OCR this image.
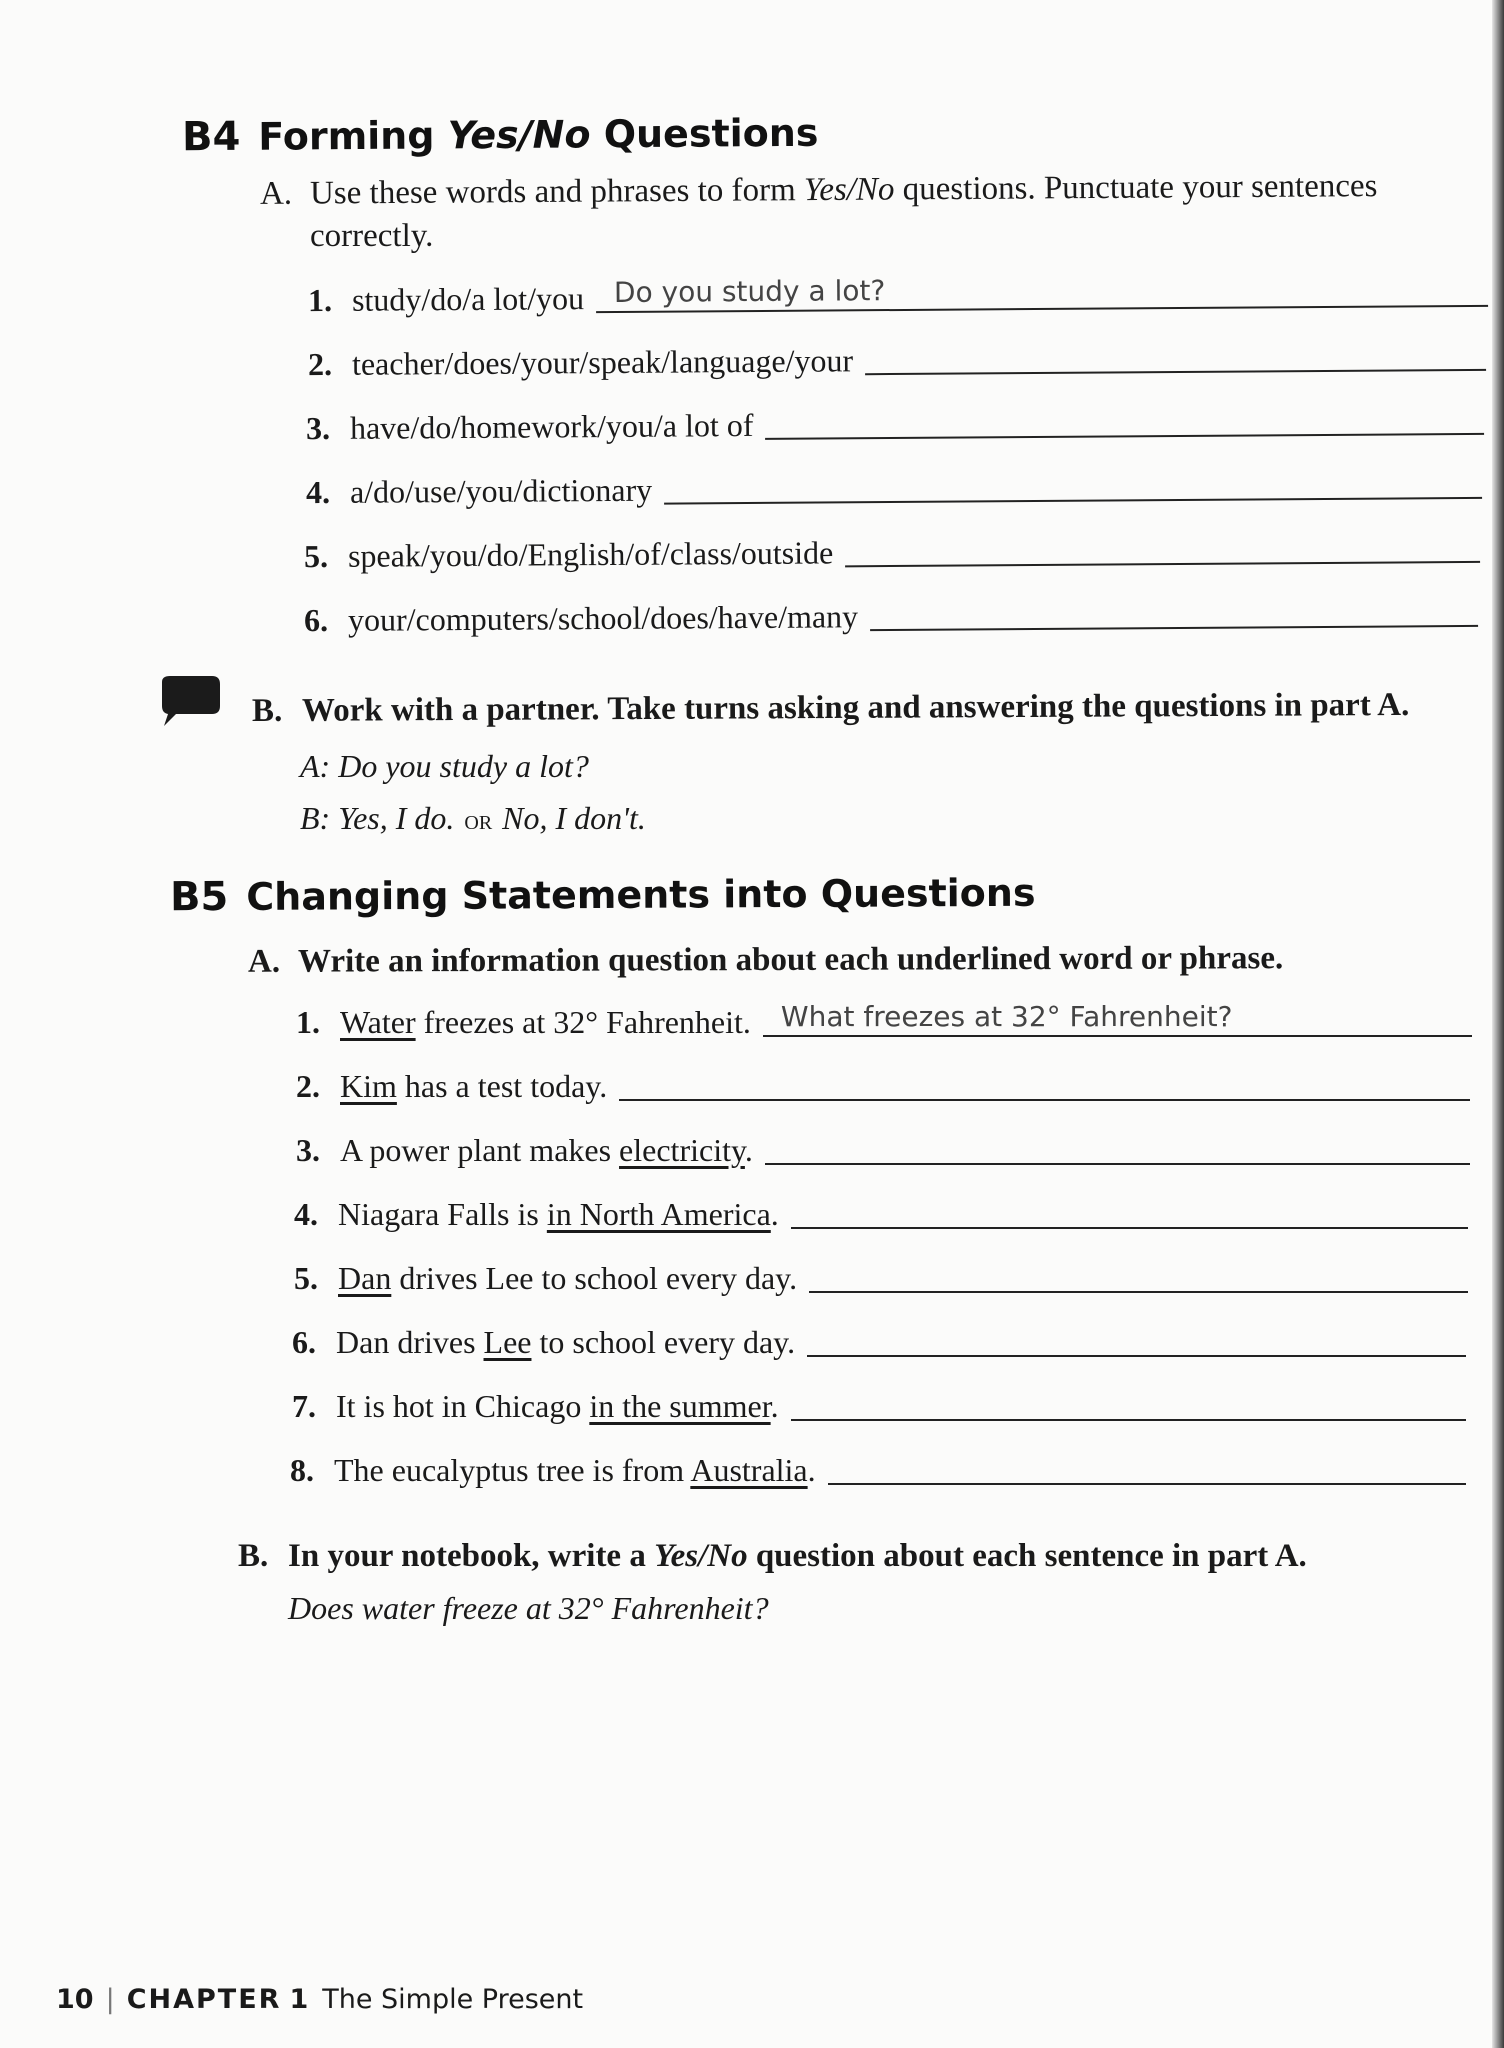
B4 Forming Yes/No Questions
A. Use these words and phrases to form Yes/No questions. Punctuate your sentences
correctly.
1. study/do/a lot/you Do you study a lot?
2. teacher/does/your/speak/language/your
3. have/do/homework/you/a lot of
4. a/do/use/you/dictionary
5. speak/you/do/English/of/class/outside
6. your/computers/school/does/have/many
B. Work with a partner. Take turns asking and answering the questions in part A.
A: Do you study a lot?
B: Yes, I do. or No, I don't.
B5 Changing Statements into Questions
A. Write an information question about each underlined word or phrase.
1. Water freezes at 32° Fahrenheit. What freezes at 32° Fahrenheit?
2. Kim has a test today.
3. A power plant makes electricity.
4. Niagara Falls is in North America.
5. Dan drives Lee to school every day.
6. Dan drives Lee to school every day.
7. It is hot in Chicago in the summer.
8. The eucalyptus tree is from Australia.
B. In your notebook, write a Yes/No question about each sentence in part A.
Does water freeze at 32° Fahrenheit?
10 | CHAPTER 1 The Simple Present
